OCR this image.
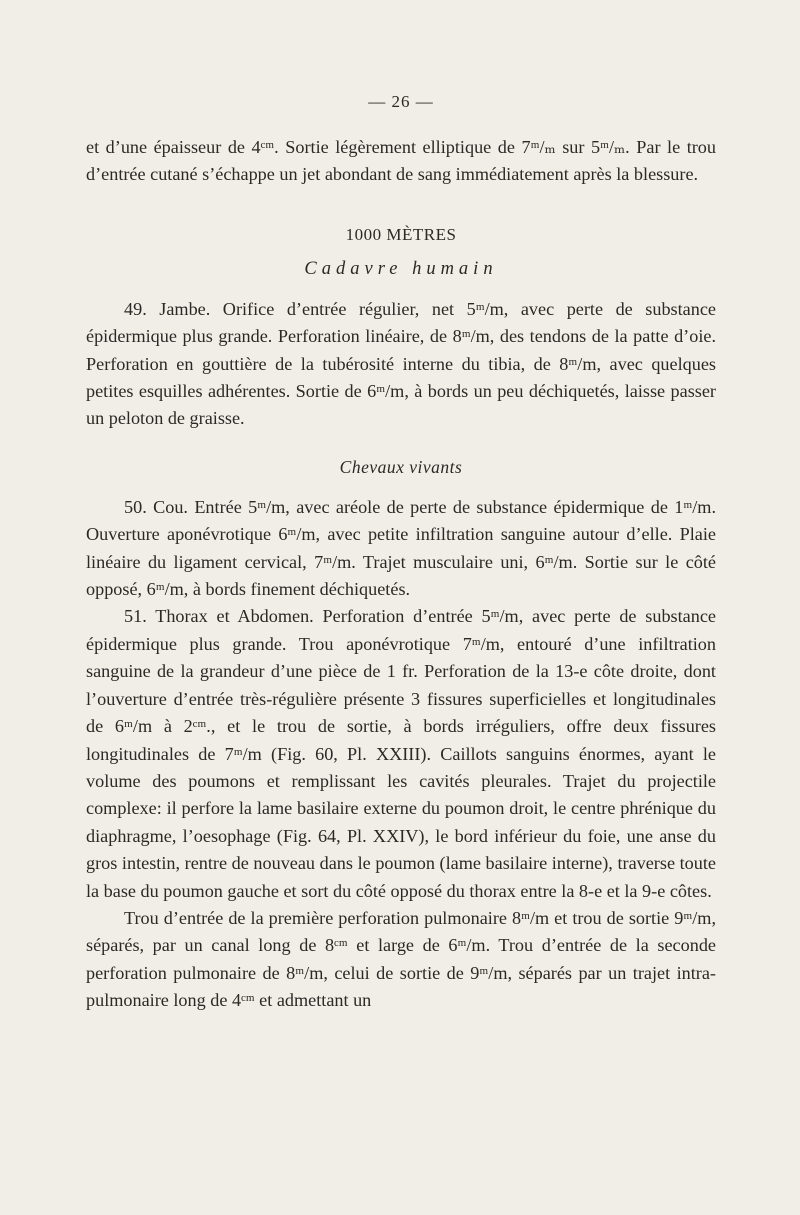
— 26 —

et d’une épaisseur de 4ᶜᵐ. Sortie légèrement elliptique de 7ᵐ/ₘ sur 5ᵐ/ₘ. Par le trou d’entrée cutané s’échappe un jet abondant de sang immédiatement après la blessure.

1000 MÈTRES
Cadavre humain

49. Jambe. Orifice d’entrée régulier, net 5ᵐ/m, avec perte de substance épidermique plus grande. Perforation linéaire, de 8ᵐ/m, des tendons de la patte d’oie. Perforation en gouttière de la tubérosité interne du tibia, de 8ᵐ/m, avec quelques petites esquilles adhérentes. Sortie de 6ᵐ/m, à bords un peu déchiquetés, laisse passer un peloton de graisse.

Chevaux vivants

50. Cou. Entrée 5ᵐ/m, avec aréole de perte de substance épidermique de 1ᵐ/m. Ouverture aponévrotique 6ᵐ/m, avec petite infiltration sanguine autour d’elle. Plaie linéaire du ligament cervical, 7ᵐ/m. Trajet musculaire uni, 6ᵐ/m. Sortie sur le côté opposé, 6ᵐ/m, à bords finement déchiquetés.

51. Thorax et Abdomen. Perforation d’entrée 5ᵐ/m, avec perte de substance épidermique plus grande. Trou aponévrotique 7ᵐ/m, entouré d’une infiltration sanguine de la grandeur d’une pièce de 1 fr. Perforation de la 13-e côte droite, dont l’ouverture d’entrée très-régulière présente 3 fissures superficielles et longitudinales de 6ᵐ/m à 2ᶜᵐ., et le trou de sortie, à bords irréguliers, offre deux fissures longitudinales de 7ᵐ/m (Fig. 60, Pl. XXIII). Caillots sanguins énormes, ayant le volume des poumons et remplissant les cavités pleurales. Trajet du projectile complexe: il perfore la lame basilaire externe du poumon droit, le centre phrénique du diaphragme, l’oesophage (Fig. 64, Pl. XXIV), le bord inférieur du foie, une anse du gros intestin, rentre de nouveau dans le poumon (lame basilaire interne), traverse toute la base du poumon gauche et sort du côté opposé du thorax entre la 8-e et la 9-e côtes.

Trou d’entrée de la première perforation pulmonaire 8ᵐ/m et trou de sortie 9ᵐ/m, séparés, par un canal long de 8ᶜᵐ et large de 6ᵐ/m. Trou d’entrée de la seconde perforation pulmonaire de 8ᵐ/m, celui de sortie de 9ᵐ/m, séparés par un trajet intra-pulmonaire long de 4ᶜᵐ et admettant un
